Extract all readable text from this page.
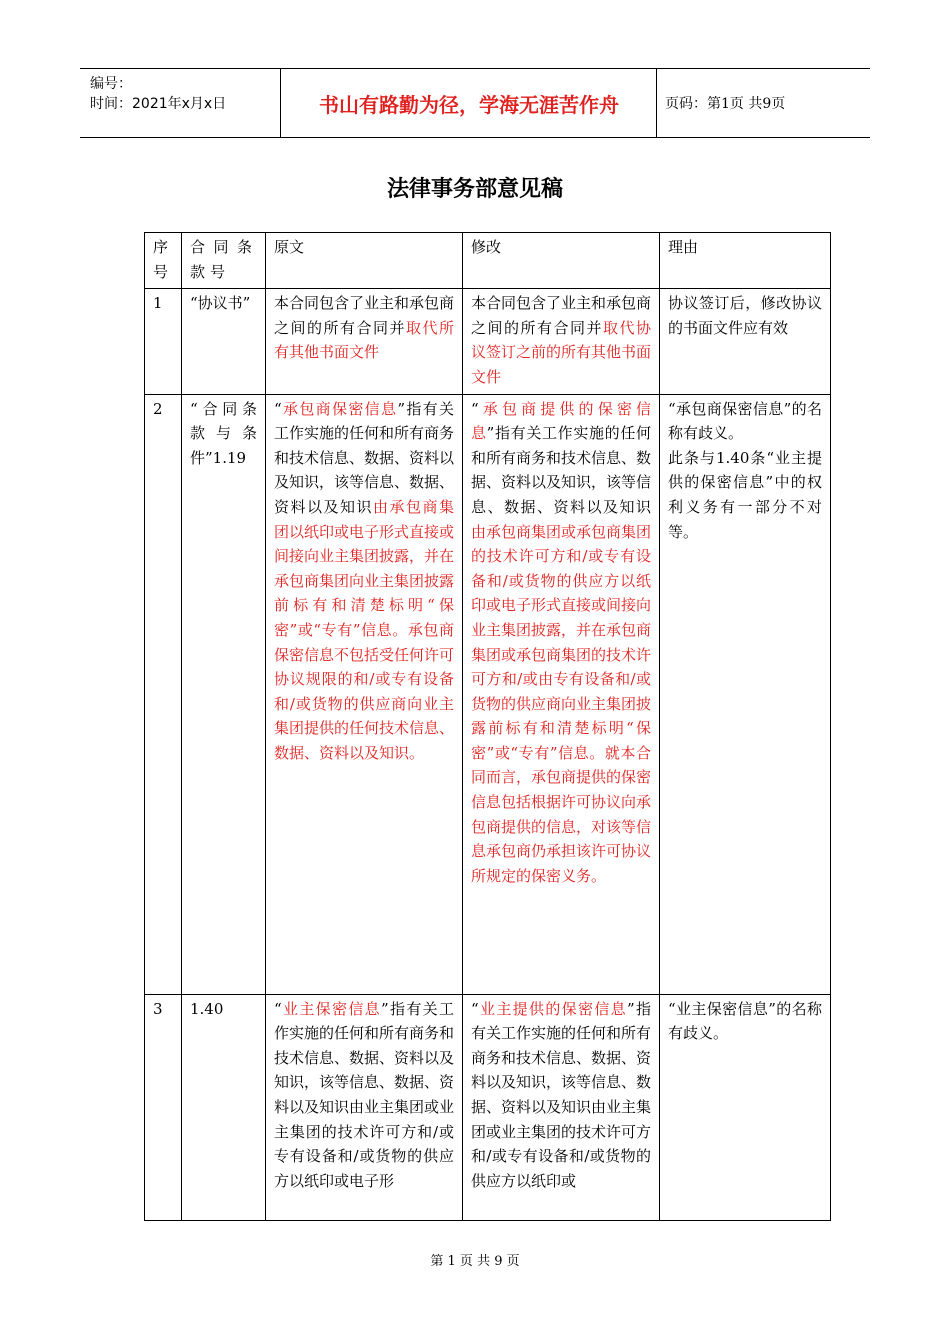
编号：
时间：2021年x月x日	书山有路勤为径，学海无涯苦作舟	页码：第1页 共9页
法律事务部意见稿
序号	合同条款号	原文	修改	理由
1	“协议书”	本合同包含了业主和承包商之间的所有合同并取代所有其他书面文件	本合同包含了业主和承包商之间的所有合同并取代协议签订之前的所有其他书面文件	协议签订后，修改协议的书面文件应有效
2	“合同条款与条件”1.19	“承包商保密信息”指有关工作实施的任何和所有商务和技术信息、数据、资料以及知识，该等信息、数据、资料以及知识由承包商集团以纸印或电子形式直接或间接向业主集团披露，并在承包商集团向业主集团披露前标有和清楚标明“保密”或“专有”信息。承包商保密信息不包括受任何许可协议规限的和/或专有设备和/或货物的供应商向业主集团提供的任何技术信息、数据、资料以及知识。	“承包商提供的保密信息”指有关工作实施的任何和所有商务和技术信息、数据、资料以及知识，该等信息、数据、资料以及知识由承包商集团或承包商集团的技术许可方和/或专有设备和/或货物的供应方以纸印或电子形式直接或间接向业主集团披露，并在承包商集团或承包商集团的技术许可方和/或由专有设备和/或货物的供应商向业主集团披露前标有和清楚标明“保密”或“专有”信息。就本合同而言，承包商提供的保密信息包括根据许可协议向承包商提供的信息，对该等信息承包商仍承担该许可协议所规定的保密义务。	“承包商保密信息”的名称有歧义。
此条与1.40条“业主提供的保密信息”中的权利义务有一部分不对等。

3	1.40	“业主保密信息”指有关工作实施的任何和所有商务和技术信息、数据、资料以及知识，该等信息、数据、资料以及知识由业主集团或业主集团的技术许可方和/或专有设备和/或货物的供应方以纸印或电子形	“业主提供的保密信息”指有关工作实施的任何和所有商务和技术信息、数据、资料以及知识，该等信息、数据、资料以及知识由业主集团或业主集团的技术许可方和/或专有设备和/或货物的供应方以纸印或	“业主保密信息”的名称有歧义。
第 1 页 共 9 页
